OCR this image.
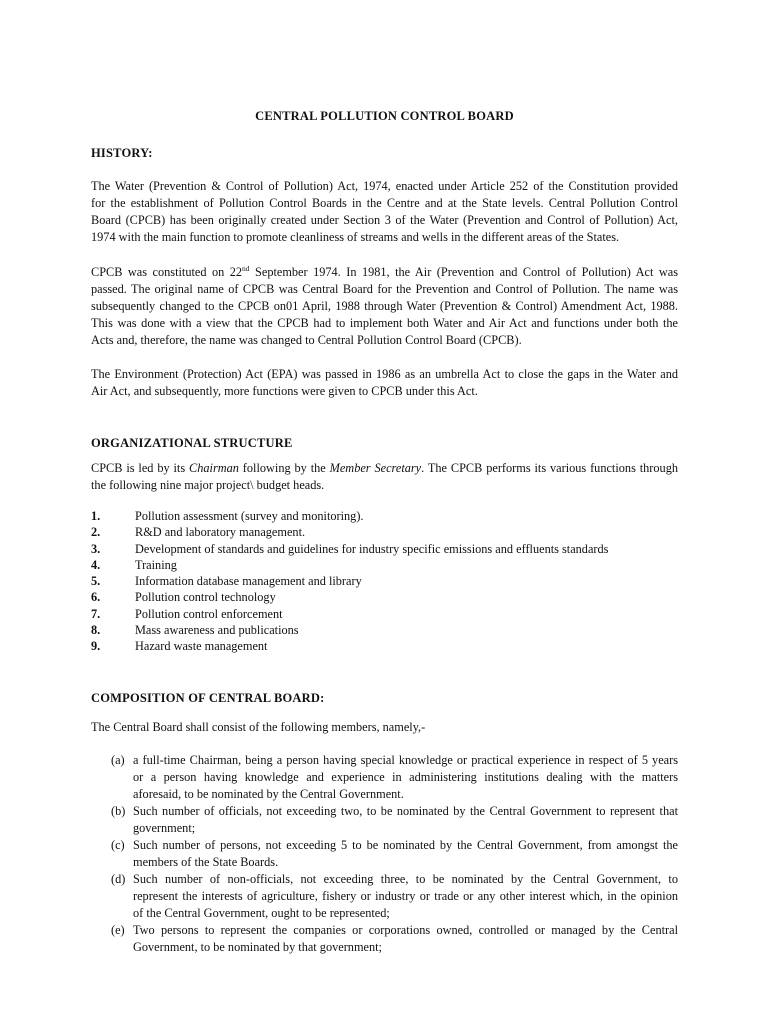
CENTRAL POLLUTION CONTROL BOARD
HISTORY:

The Water (Prevention & Control of Pollution) Act, 1974, enacted under Article 252 of the Constitution provided
for the establishment of Pollution Control Boards in the Centre and at the State levels. Central Pollution Control
Board (CPCB) has been originally created under Section 3 of the Water (Prevention and Control of Pollution) Act,
1974 with the main function to promote cleanliness of streams and wells in the different areas of the States.

CPCB was constituted on 22nd September 1974. In 1981, the Air (Prevention and Control of Pollution) Act was
passed. The original name of CPCB was Central Board for the Prevention and Control of Pollution. The name was
subsequently changed to the CPCB on01 April, 1988 through Water (Prevention & Control) Amendment Act, 1988.
This was done with a view that the CPCB had to implement both Water and Air Act and functions under both the
Acts and, therefore, the name was changed to Central Pollution Control Board (CPCB).

The Environment (Protection) Act (EPA) was passed in 1986 as an umbrella Act to close the gaps in the Water and
Air Act, and subsequently, more functions were given to CPCB under this Act.

ORGANIZATIONAL STRUCTURE

CPCB is led by its Chairman following by the Member Secretary. The CPCB performs its various functions through
the following nine major project\ budget heads.

1.	Pollution assessment (survey and monitoring).
2.	R&D and laboratory management.
3.	Development of standards and guidelines for industry specific emissions and effluents standards
4.	Training
5.	Information database management and library
6.	Pollution control technology
7.	Pollution control enforcement
8.	Mass awareness and publications
9.	Hazard waste management
COMPOSITION OF CENTRAL BOARD:

The Central Board shall consist of the following members, namely,-

(a) a full-time Chairman, being a person having special knowledge or practical experience in respect of 5 years
or a person having knowledge and experience in administering institutions dealing with the matters
aforesaid, to be nominated by the Central Government.
(b) Such number of officials, not exceeding two, to be nominated by the Central Government to represent that
government;
(c) Such number of persons, not exceeding 5 to be nominated by the Central Government, from amongst the
members of the State Boards.
(d) Such number of non-officials, not exceeding three, to be nominated by the Central Government, to
represent the interests of agriculture, fishery or industry or trade or any other interest which, in the opinion
of the Central Government, ought to be represented;
(e) Two persons to represent the companies or corporations owned, controlled or managed by the Central
Government, to be nominated by that government;
